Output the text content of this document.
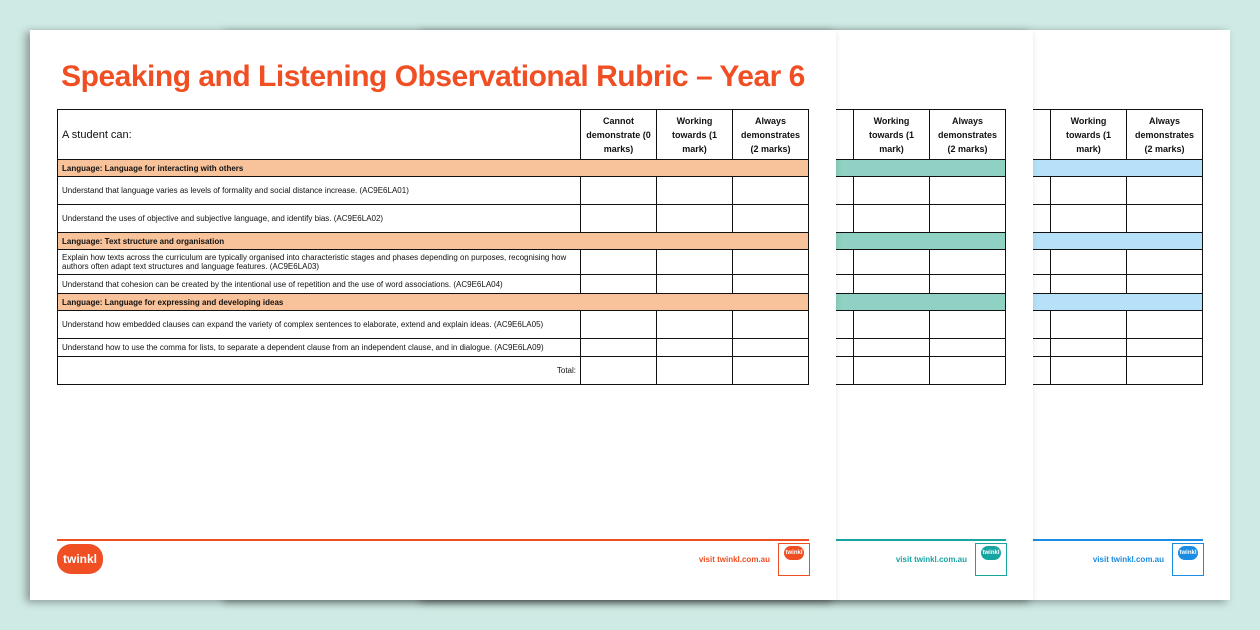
		Working towards (1 mark)	Always demonstrates (2 marks)

visit twinkl.com.au
twinkl
		Working towards (1 mark)	Always demonstrates (2 marks)

visit twinkl.com.au
twinkl
Speaking and Listening Observational Rubric – Year 6
A student can:	Cannot demonstrate (0 marks)	Working towards (1 mark)	Always demonstrates (2 marks)
Language: Language for interacting with others			
Understand that language varies as levels of formality and social distance increase. (AC9E6LA01)			
Understand the uses of objective and subjective language, and identify bias. (AC9E6LA02)			
Language: Text structure and organisation			
Explain how texts across the curriculum are typically organised into characteristic stages and phases depending on purposes, recognising how authors often adapt text structures and language features. (AC9E6LA03)			
Understand that cohesion can be created by the intentional use of repetition and the use of word associations. (AC9E6LA04)			
Language: Language for expressing and developing ideas			
Understand how embedded clauses can expand the variety of complex sentences to elaborate, extend and explain ideas. (AC9E6LA05)			
Understand how to use the comma for lists, to separate a dependent clause from an independent clause, and in dialogue. (AC9E6LA09)			
Total:			
twinkl	visit twinkl.com.au
twinkl
